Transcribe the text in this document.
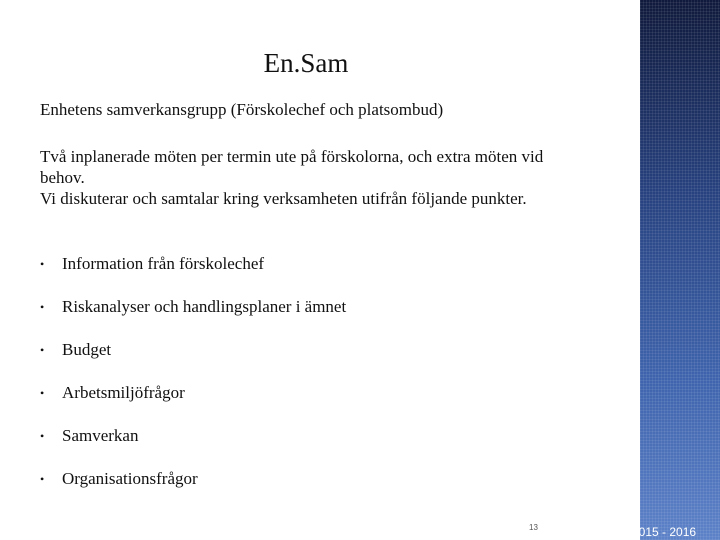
En.Sam
Enhetens samverkansgrupp (Förskolechef och platsombud)

Två inplanerade möten per termin ute på förskolorna, och extra möten vid behov.

Vi diskuterar och samtalar kring verksamheten utifrån följande punkter.

• Information från förskolechef
• Riskanalyser och handlingsplaner i ämnet
• Budget
• Arbetsmiljöfrågor
• Samverkan
• Organisationsfrågor
13	2015 - 2016
